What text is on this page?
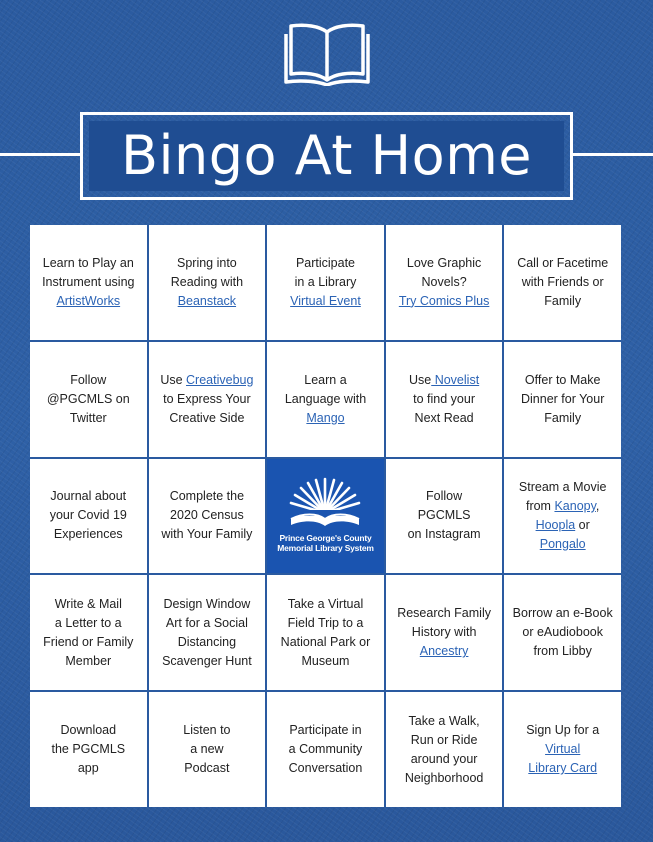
Bingo At Home
Learn to Play an
Instrument using
ArtistWorks
Spring into
Reading with
Beanstack
Participate
in a Library
Virtual Event
Love Graphic
Novels?
Try Comics Plus
Call or Facetime
with Friends or
Family
Follow
@PGCMLS on
Twitter
Use Creativebug
to Express Your
Creative Side
Learn a
Language with
Mango
Use Novelist
to find your
Next Read
Offer to Make
Dinner for Your
Family
Journal about
your Covid 19
Experiences
Complete the
2020 Census
with Your Family	Prince George's County
Memorial Library System
Follow
PGCMLS
on Instagram
Stream a Movie
from Kanopy,
Hoopla or
Pongalo
Write & Mail
a Letter to a
Friend or Family
Member
Design Window
Art for a Social
Distancing
Scavenger Hunt
Take a Virtual
Field Trip to a
National Park or
Museum
Research Family
History with
Ancestry
Borrow an e-Book
or eAudiobook
from Libby
Download
the PGCMLS
app
Listen to
a new
Podcast
Participate in
a Community
Conversation
Take a Walk,
Run or Ride
around your
Neighborhood
Sign Up for a
Virtual
Library Card
